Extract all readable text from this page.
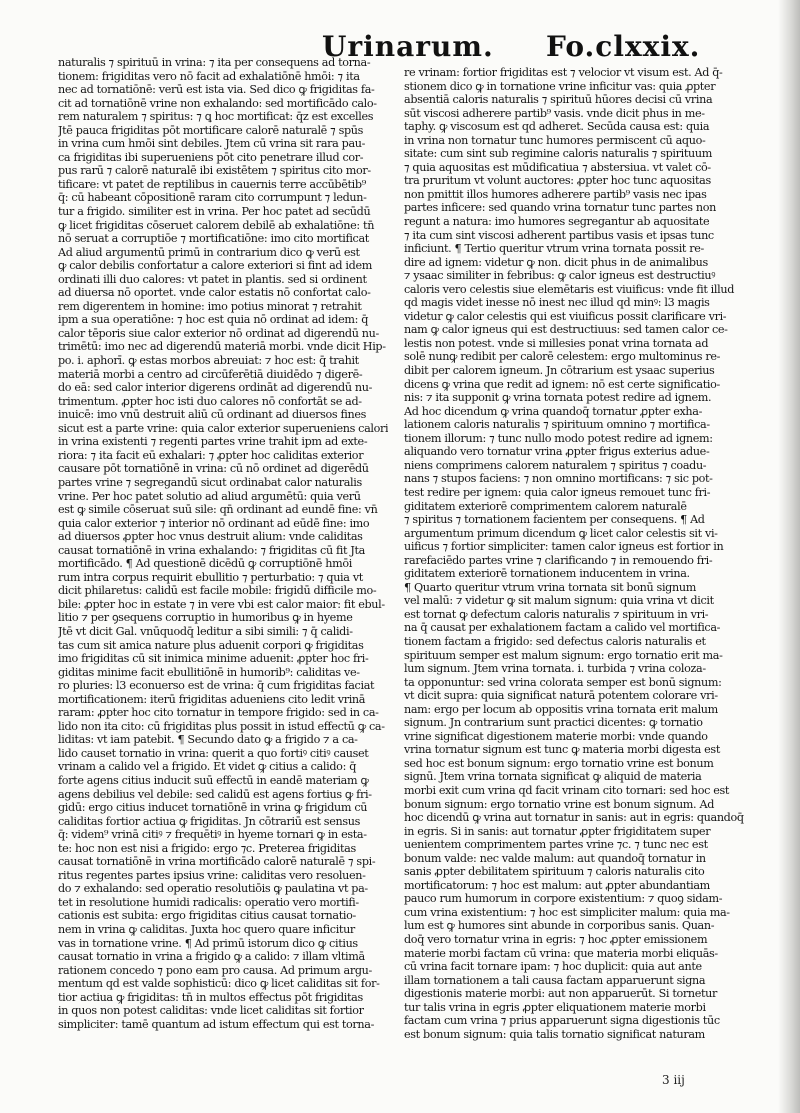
Urinarum. Fo.clxxix.
naturalis ⁊ spirituū in vrina: ⁊ ita per consequens ad torna-
tionem: frigiditas vero nō facit ad exhalatiōnē hmōi: ⁊ ita
nec ad tornatiōnē: verū est ista via. Sed dico ꝙ frigiditas fa-
cit ad tornatiōnē vrine non exhalando: sed mortificādo calo-
rem naturalem ⁊ spiritus: ⁊ ꝗ hoc mortificat: q̄z est excelles
Jtē pauca frigiditas pōt mortificare calorē naturalē ⁊ spūs
in vrina cum hmōi sint debiles. Jtem cū vrina sit rara pau-
ca frigiditas ibi superueniens pōt cito penetrare illud cor-
pus rarū ⁊ calorē naturalē ibi existētem ⁊ spiritus cito mor-
tificare: vt patet de reptilibus in cauernis terre accūbētib⁹
q̄: cū habeant cōpositionē raram cito corrumpunt ⁊ ledun-
tur a frigido. similiter est in vrina. Per hoc patet ad secūdū
ꝙ licet frigiditas cōseruet calorem debilē ab exhalatiōne: tn̄
nō seruat a corruptiōe ⁊ mortificatiōne: imo cito mortificat
Ad aliud argumentū primū in contrarium dico ꝙ verū est
ꝙ calor debilis confortatur a calore exteriori si fint ad idem
ordinati illi duo calores: vt patet in plantis. sed si ordinent
ad diuersa nō oportet. vnde calor estatis nō confortat calo-
rem digerentem in homine: imo potius minorat ⁊ retrahit
ipm a sua operatiōne: ⁊ hoc est quia nō ordinat ad idem: q̄
calor tēporis siue calor exterior nō ordinat ad digerendū nu-
trimētū: imo nec ad digerendū materiā morbi. vnde dicit Hip-
po. i. aphorī. ꝙ estas morbos abreuiat: ⁊ hoc est: q̄ trahit
materiā morbi a centro ad circūferētiā diuidēdo ⁊ digerē-
do eā: sed calor interior digerens ordināt ad digerendū nu-
trimentum. ꝓpter hoc isti duo calores nō confortāt se ad-
inuicē: imo vnū destruit aliū cū ordinant ad diuersos fines
sicut est a parte vrine: quia calor exterior superueniens calori
in vrina existenti ⁊ regenti partes vrine trahit ipm ad exte-
riora: ⁊ ita facit eū exhalari: ⁊ ꝓpter hoc caliditas exterior
causare pōt tornatiōnē in vrina: cū nō ordinet ad digerēdū
partes vrine ⁊ segregandū sicut ordinabat calor naturalis
vrine. Per hoc patet solutio ad aliud argumētū: quia verū
est ꝙ simile cōseruat suū sile: qn̄ ordinant ad eundē fine: vn̄
quia calor exterior ⁊ interior nō ordinant ad eūdē fine: imo
ad diuersos ꝓpter hoc vnus destruit alium: vnde caliditas
causat tornatiōnē in vrina exhalando: ⁊ frigiditas cū fit Jta
mortificādo. ¶ Ad questionē dicēdū ꝙ corruptiōnē hmōi
rum intra corpus requirit ebullitio ⁊ perturbatio: ⁊ quia vt
dicit philaretus: calidū est facile mobile: frigidū difficile mo-
bile: ꝓpter hoc in estate ⁊ in vere vbi est calor maior: fit ebul-
litio ⁊ per ꝯsequens corruptio in humoribus ꝙ in hyeme
Jtē vt dicit Gal. vnūquodq̄ leditur a sibi simili: ⁊ q̄ calidi-
tas cum sit amica nature plus aduenit corpori ꝙ frigiditas
imo frigiditas cū sit inimica minime aduenit: ꝓpter hoc fri-
giditas minime facit ebullitiōnē in humorib⁹: caliditas ve-
ro pluries: l3 econuerso est de vrina: q̄ cum frigiditas faciat
mortificationem: iterū frigiditas adueniens cito ledit vrinā
raram: ꝓpter hoc cito tornatur in tempore frigido: sed in ca-
lido non ita cito: cū frigiditas plus possit in istud effectū ꝙ ca-
liditas: vt iam patebit. ¶ Secundo dato ꝙ a frigido ⁊ a ca-
lido causet tornatio in vrina: querit a quo fortiꝰ citiꝰ causet
vrinam a calido vel a frigido. Et videt ꝙ citius a calido: q̄
forte agens citius inducit suū effectū in eandē materiam ꝙ
agens debilius vel debile: sed calidū est agens fortius ꝙ fri-
gidū: ergo citius inducet tornatiōnē in vrina ꝙ frigidum cū
caliditas fortior actiua ꝙ frigiditas. Jn cōtrariū est sensus
q̄: videm⁹ vrinā citiꝰ ⁊ frequētiꝰ in hyeme tornari ꝙ in esta-
te: hoc non est nisi a frigido: ergo ⁊c. Preterea frigiditas
causat tornatiōnē in vrina mortificādo calorē naturalē ⁊ spi-
ritus regentes partes ipsius vrine: caliditas vero resoluen-
do ⁊ exhalando: sed operatio resolutiōis ꝙ paulatina vt pa-
tet in resolutione humidi radicalis: operatio vero mortifi-
cationis est subita: ergo frigiditas citius causat tornatio-
nem in vrina ꝙ caliditas. Juxta hoc quero quare inficitur
vas in tornatione vrine. ¶ Ad primū istorum dico ꝙ citius
causat tornatio in vrina a frigido ꝙ a calido: ⁊ illam vltimā
rationem concedo ⁊ pono eam pro causa. Ad primum argu-
mentum qd est valde sophisticū: dico ꝙ licet caliditas sit for-
tior actiua ꝙ frigiditas: tn̄ in multos effectus pōt frigiditas
in quos non potest caliditas: vnde licet caliditas sit fortior
simpliciter: tamē quantum ad istum effectum qui est torna-
re vrinam: fortior frigiditas est ⁊ velocior vt visum est. Ad q̄-
stionem dico ꝙ in tornatione vrine inficitur vas: quia ꝓpter
absentiā caloris naturalis ⁊ spirituū hūores decisi cū vrina
sūt viscosi adherere partib⁹ vasis. vnde dicit phus in me-
taphy. ꝙ viscosum est qd adheret. Secūda causa est: quia
in vrina non tornatur tunc humores permiscent cū aquo-
sitate: cum sint sub regimine caloris naturalis ⁊ spirituum
⁊ quia aquositas est mūdificatiua ⁊ abstersiua. vt valet cō-
tra pruritum vt volunt auctores: ꝓpter hoc tunc aquositas
non pmittit illos humores adherere partib⁹ vasis nec ipas
partes inficere: sed quando vrina tornatur tunc partes non
regunt a natura: imo humores segregantur ab aquositate
⁊ ita cum sint viscosi adherent partibus vasis et ipsas tunc
inficiunt. ¶ Tertio queritur vtrum vrina tornata possit re-
dire ad ignem: videtur ꝙ non. dicit phus in de animalibus
⁊ ysaac similiter in febribus: ꝙ calor igneus est destructiuꝰ
caloris vero celestis siue elemētaris est viuificus: vnde fit illud
qd magis videt inesse nō inest nec illud qd minꝰ: l3 magis
videtur ꝙ calor celestis qui est viuificus possit clarificare vri-
nam ꝙ calor igneus qui est destructiuus: sed tamen calor ce-
lestis non potest. vnde si millesies ponat vrina tornata ad
solē nunꝙ redibit per calorē celestem: ergo multominus re-
dibit per calorem igneum. Jn cōtrarium est ysaac superius
dicens ꝙ vrina que redit ad ignem: nō est certe significatio-
nis: ⁊ ita supponit ꝙ vrina tornata potest redire ad ignem.
Ad hoc dicendum ꝙ vrina quandoq̄ tornatur ꝓpter exha-
lationem caloris naturalis ⁊ spirituum omnino ⁊ mortifica-
tionem illorum: ⁊ tunc nullo modo potest redire ad ignem:
aliquando vero tornatur vrina ꝓpter frigus exterius adue-
niens comprimens calorem naturalem ⁊ spiritus ⁊ coadu-
nans ⁊ stupos faciens: ⁊ non omnino mortificans: ⁊ sic pot-
test redire per ignem: quia calor igneus remouet tunc fri-
giditatem exteriorē comprimentem calorem naturalē
⁊ spiritus ⁊ tornationem facientem per consequens. ¶ Ad
argumentum primum dicendum ꝙ licet calor celestis sit vi-
uificus ⁊ fortior simpliciter: tamen calor igneus est fortior in
rarefaciēdo partes vrine ⁊ clarificando ⁊ in remouendo fri-
giditatem exteriorē tornationem inducentem in vrina.
¶ Quarto queritur vtrum vrina tornata sit bonū signum
vel malū: ⁊ videtur ꝙ sit malum signum: quia vrina vt dicit
est tornat ꝙ defectum caloris naturalis ⁊ spirituum in vri-
na q̄ causat per exhalationem factam a calido vel mortifica-
tionem factam a frigido: sed defectus caloris naturalis et
spirituum semper est malum signum: ergo tornatio erit ma-
lum signum. Jtem vrina tornata. i. turbida ⁊ vrina coloza-
ta opponuntur: sed vrina colorata semper est bonū signum:
vt dicit supra: quia significat naturā potentem colorare vri-
nam: ergo per locum ab oppositis vrina tornata erit malum
signum. Jn contrarium sunt practici dicentes: ꝙ tornatio
vrine significat digestionem materie morbi: vnde quando
vrina tornatur signum est tunc ꝙ materia morbi digesta est
sed hoc est bonum signum: ergo tornatio vrine est bonum
signū. Jtem vrina tornata significat ꝙ aliquid de materia
morbi exit cum vrina qd facit vrinam cito tornari: sed hoc est
bonum signum: ergo tornatio vrine est bonum signum. Ad
hoc dicendū ꝙ vrina aut tornatur in sanis: aut in egris: quandoq̄
in egris. Si in sanis: aut tornatur ꝓpter frigiditatem super
uenientem comprimentem partes vrine ⁊c. ⁊ tunc nec est
bonum valde: nec valde malum: aut quandoq̄ tornatur in
sanis ꝓpter debilitatem spirituum ⁊ caloris naturalis cito
mortificatorum: ⁊ hoc est malum: aut ꝓpter abundantiam
pauco rum humorum in corpore existentium: ⁊ quoꝯ sidam-
cum vrina existentium: ⁊ hoc est simpliciter malum: quia ma-
lum est ꝙ humores sint abunde in corporibus sanis. Quan-
doq̄ vero tornatur vrina in egris: ⁊ hoc ꝓpter emissionem
materie morbi factam cū vrina: que materia morbi eliquās-
cū vrina facit tornare ipam: ⁊ hoc duplicit: quia aut ante
illam tornationem a tali causa factam apparuerunt signa
digestionis materie morbi: aut non apparuerūt. Si tornetur
tur talis vrina in egris ꝓpter eliquationem materie morbi
factam cum vrina ⁊ prius apparuerunt signa digestionis tūc
est bonum signum: quia talis tornatio significat naturam
3 iij
